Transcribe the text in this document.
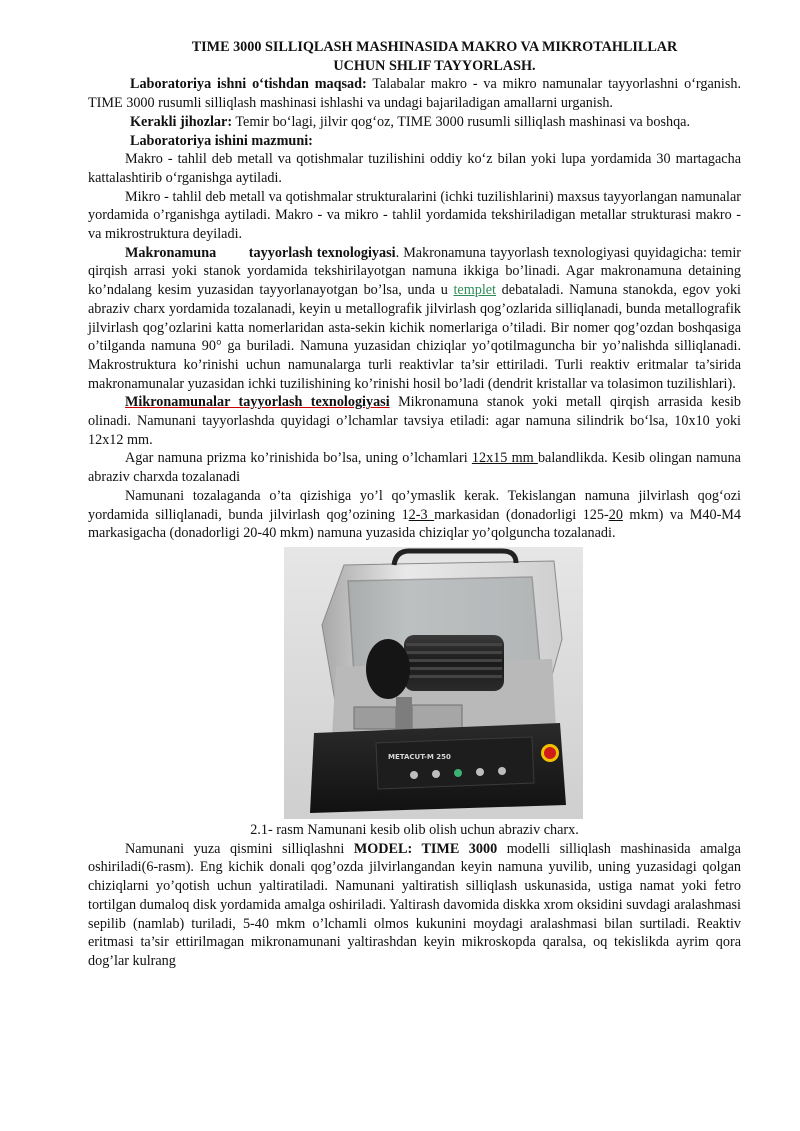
TIME 3000 SILLIQLASH MASHINASIDA MAKRO VA MIKROTAHLILLAR
UCHUN SHLIF TAYYORLASH.

Laboratoriya ishni o‘tishdan maqsad: Talabalar makro - va mikro namunalar tayyorlashni o‘rganish. TIME 3000 rusumli silliqlash mashinasi ishlashi va undagi bajariladigan amallarni urganish.

Kerakli jihozlar: Temir bo‘lagi, jilvir qog‘oz, TIME 3000 rusumli silliqlash mashinasi va boshqa.

Laboratoriya ishini mazmuni:

Makro - tahlil deb metall va qotishmalar tuzilishini oddiy ko‘z bilan yoki lupa yordamida 30 martagacha kattalashtirib o‘rganishga aytiladi.

Mikro - tahlil deb metall va qotishmalar strukturalarini (ichki tuzilishlarini) maxsus tayyorlangan namunalar yordamida o’rganishga aytiladi. Makro - va mikro - tahlil yordamida tekshiriladigan metallar strukturasi makro - va mikrostruktura deyiladi.

Makronamuna        tayyorlash texnologiyasi. Makronamuna tayyorlash texnologiyasi quyidagicha: temir qirqish arrasi yoki stanok yordamida tekshirilayotgan namuna ikkiga bo’linadi. Agar makronamuna detaining ko’ndalang kesim yuzasidan tayyorlanayotgan bo’lsa, unda u templet debataladi. Namuna stanokda, egov yoki abraziv charx yordamida tozalanadi, keyin u metallografik jilvirlash qog’ozlarida silliqlanadi, bunda metallografik jilvirlash qog’ozlarini katta nomerlaridan asta-sekin kichik nomerlariga o’tiladi. Bir nomer qog’ozdan boshqasiga o’tilganda namuna 90° ga buriladi. Namuna yuzasidan chiziqlar yo’qotilmaguncha bir yo’nalishda silliqlanadi. Makrostruktura ko’rinishi uchun namunalarga turli reaktivlar ta’sir ettiriladi. Turli reaktiv eritmalar ta’sirida makronamunalar yuzasidan ichki tuzilishining ko’rinishi hosil bo’ladi (dendrit kristallar va tolasimon tuzilishlari).

Mikronamunalar tayyorlash texnologiyasi Mikronamuna stanok yoki metall qirqish arrasida kesib olinadi. Namunani tayyorlashda quyidagi o’lchamlar tavsiya etiladi: agar namuna silindrik bo‘lsa, 10x10 yoki 12x12 mm.

Agar namuna prizma ko’rinishida bo’lsa, uning o’lchamlari 12x15 mm balandlikda. Kesib olingan namuna abraziv charxda tozalanadi

Namunani tozalaganda o’ta qizishiga yo’l qo’ymaslik kerak. Tekislangan namuna jilvirlash qog‘ozi yordamida silliqlanadi, bunda jilvirlash qog’ozining 12-3 markasidan (donadorligi 125-20 mkm) va M40-M4 markasigacha (donadorligi 20-40 mkm) namuna yuzasida chiziqlar yo’qolguncha tozalanadi.

METACUT-M 250

2.1- rasm Namunani kesib olib olish uchun abraziv charx.

Namunani yuza qismini silliqlashni MODEL: TIME 3000 modelli silliqlash mashinasida amalga oshiriladi(6-rasm). Eng kichik donali qog’ozda jilvirlangandan keyin namuna yuvilib, uning yuzasidagi qolgan chiziqlarni yo’qotish uchun yaltiratiladi. Namunani yaltiratish silliqlash uskunasida, ustiga namat yoki fetro tortilgan dumaloq disk yordamida amalga oshiriladi. Yaltirash davomida diskka xrom oksidini suvdagi aralashmasi sepilib (namlab) turiladi, 5-40 mkm o’lchamli olmos kukunini moydagi aralashmasi bilan surtiladi. Reaktiv eritmasi ta’sir ettirilmagan mikronamunani yaltirashdan keyin mikroskopda qaralsa, oq tekislikda ayrim qora dog’lar kulrang
